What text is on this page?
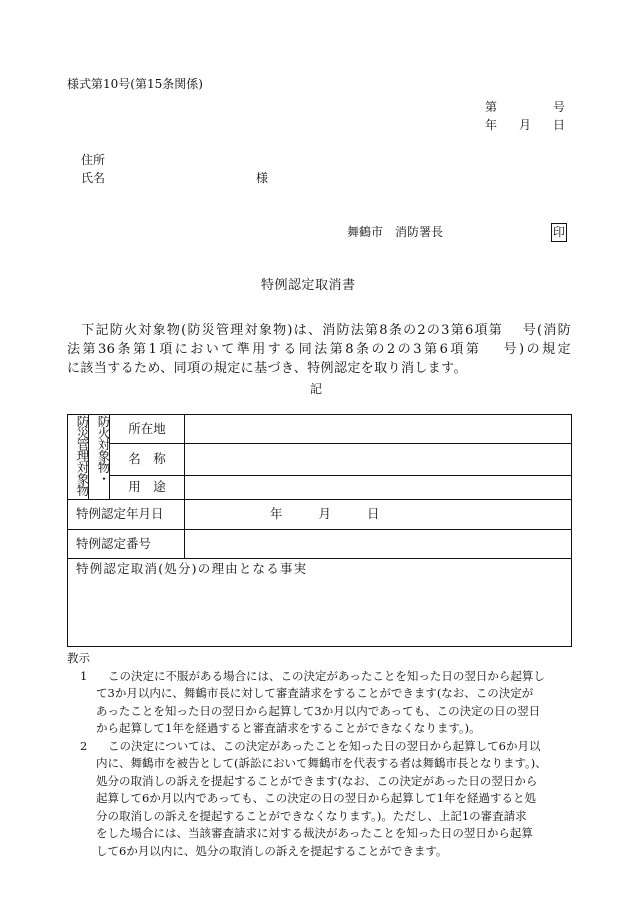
様式第10号(第15条関係)
第	号
年 月 日
住所
氏名	様
舞鶴市　消防署長	印
特例認定取消書
　下記防火対象物(防災管理対象物)は、消防法第8条の2の3第6項第　 号(消防
法第36条第1項において準用する同法第8条の2の3第6項第　 号)の規定
に該当するため、同項の規定に基づき、特例認定を取り消します。
記
防災管理対象物	防火対象物・	所在地	
		名　称	
		用　途	
特例認定年月日			年 月 日
特例認定番号			
特例認定取消(処分)の理由となる事実			
教示
1	この決定に不服がある場合には、この決定があったことを知った日の翌日から起算し
て3か月以内に、舞鶴市長に対して審査請求をすることができます(なお、この決定が
あったことを知った日の翌日から起算して3か月以内であっても、この決定の日の翌日
から起算して1年を経過すると審査請求をすることができなくなります。)。
2	この決定については、この決定があったことを知った日の翌日から起算して6か月以
内に、舞鶴市を被告として(訴訟において舞鶴市を代表する者は舞鶴市長となります。)、
処分の取消しの訴えを提起することができます(なお、この決定があった日の翌日から
起算して6か月以内であっても、この決定の日の翌日から起算して1年を経過すると処
分の取消しの訴えを提起することができなくなります。)。ただし、上記1の審査請求
をした場合には、当該審査請求に対する裁決があったことを知った日の翌日から起算
して6か月以内に、処分の取消しの訴えを提起することができます。
